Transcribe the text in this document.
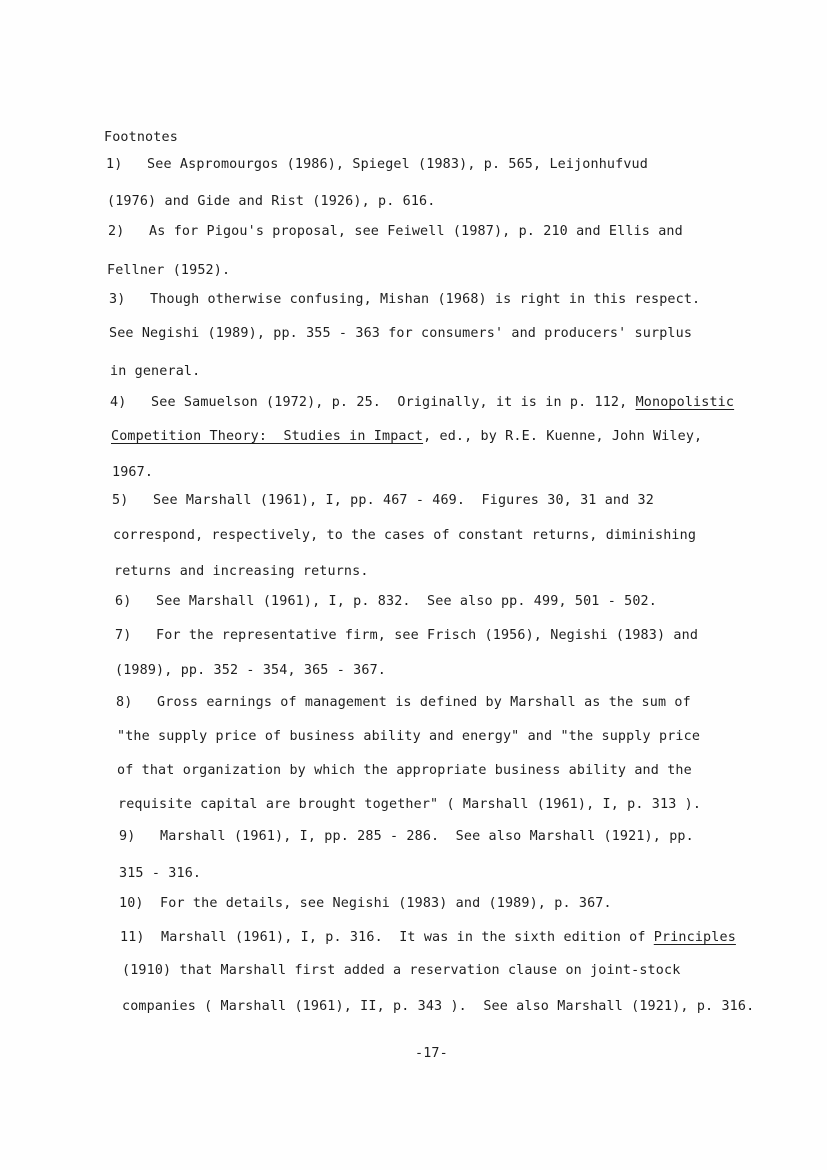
Footnotes
1)   See Aspromourgos (1986), Spiegel (1983), p. 565, Leijonhufvud
(1976) and Gide and Rist (1926), p. 616.
2)   As for Pigou's proposal, see Feiwell (1987), p. 210 and Ellis and
Fellner (1952).
3)   Though otherwise confusing, Mishan (1968) is right in this respect.
See Negishi (1989), pp. 355 - 363 for consumers' and producers' surplus
in general.
4)   See Samuelson (1972), p. 25.  Originally, it is in p. 112, Monopolistic
Competition Theory:  Studies in Impact, ed., by R.E. Kuenne, John Wiley,
1967.
5)   See Marshall (1961), I, pp. 467 - 469.  Figures 30, 31 and 32
correspond, respectively, to the cases of constant returns, diminishing
returns and increasing returns.
6)   See Marshall (1961), I, p. 832.  See also pp. 499, 501 - 502.
7)   For the representative firm, see Frisch (1956), Negishi (1983) and
(1989), pp. 352 - 354, 365 - 367.
8)   Gross earnings of management is defined by Marshall as the sum of
"the supply price of business ability and energy" and "the supply price
of that organization by which the appropriate business ability and the
requisite capital are brought together" ( Marshall (1961), I, p. 313 ).
9)   Marshall (1961), I, pp. 285 - 286.  See also Marshall (1921), pp.
315 - 316.
10)  For the details, see Negishi (1983) and (1989), p. 367.
11)  Marshall (1961), I, p. 316.  It was in the sixth edition of Principles
(1910) that Marshall first added a reservation clause on joint-stock
companies ( Marshall (1961), II, p. 343 ).  See also Marshall (1921), p. 316.
-17-
